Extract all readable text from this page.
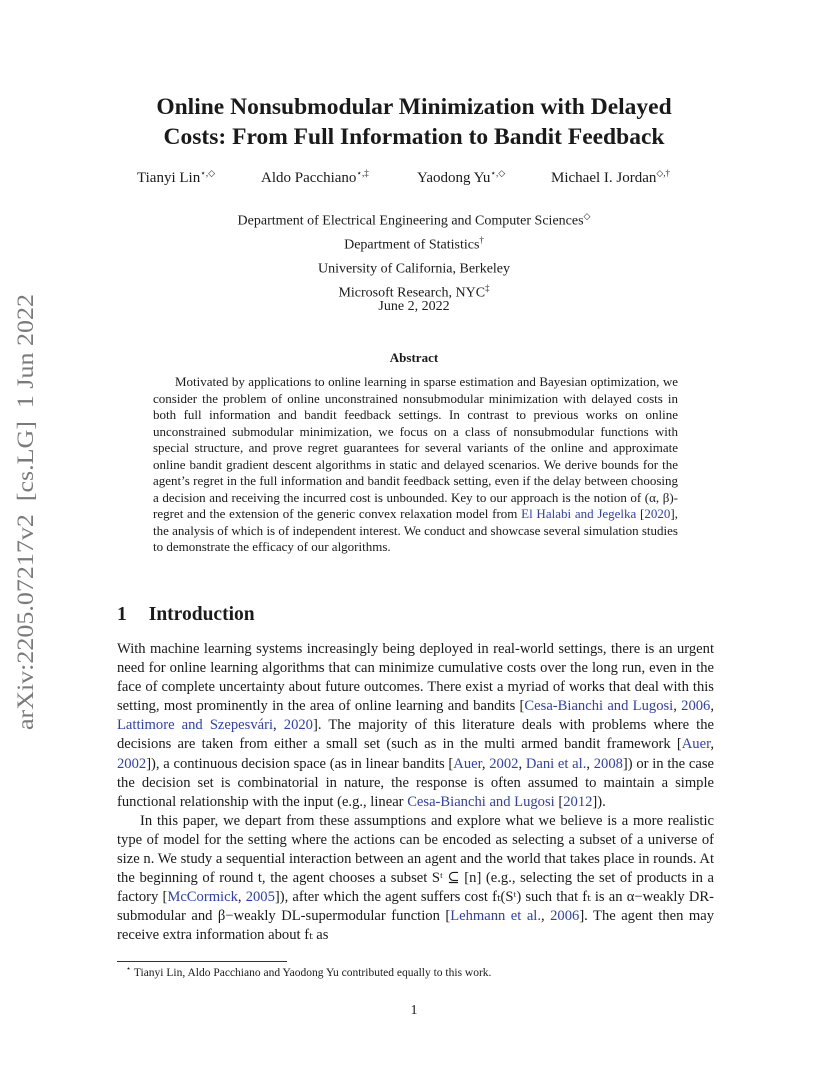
Online Nonsubmodular Minimization with Delayed
Costs: From Full Information to Bandit Feedback
Tianyi Lin⋆,◇	Aldo Pacchiano⋆,‡	Yaodong Yu⋆,◇	Michael I. Jordan◇,†
Department of Electrical Engineering and Computer Sciences◇
Department of Statistics†
University of California, Berkeley
Microsoft Research, NYC‡
June 2, 2022
arXiv:2205.07217v2  [cs.LG]  1 Jun 2022	Abstract
Motivated by applications to online learning in sparse estimation and Bayesian optimization, we consider the problem of online unconstrained nonsubmodular minimization with delayed costs in both full information and bandit feedback settings. In contrast to previous works on online unconstrained submodular minimization, we focus on a class of nonsubmodular functions with special structure, and prove regret guarantees for several variants of the online and approximate online bandit gradient descent algorithms in static and delayed scenarios. We derive bounds for the agent’s regret in the full information and bandit feedback setting, even if the delay between choosing a decision and receiving the incurred cost is unbounded. Key to our approach is the notion of (α, β)-regret and the extension of the generic convex relaxation model from El Halabi and Jegelka [2020], the analysis of which is of independent interest. We conduct and showcase several simulation studies to demonstrate the efficacy of our algorithms.
1 Introduction

With machine learning systems increasingly being deployed in real-world settings, there is an urgent need for online learning algorithms that can minimize cumulative costs over the long run, even in the face of complete uncertainty about future outcomes. There exist a myriad of works that deal with this setting, most prominently in the area of online learning and bandits [Cesa-Bianchi and Lugosi, 2006, Lattimore and Szepesvári, 2020]. The majority of this literature deals with problems where the decisions are taken from either a small set (such as in the multi armed bandit framework [Auer, 2002]), a continuous decision space (as in linear bandits [Auer, 2002, Dani et al., 2008]) or in the case the decision set is combinatorial in nature, the response is often assumed to maintain a simple functional relationship with the input (e.g., linear Cesa-Bianchi and Lugosi [2012]).

In this paper, we depart from these assumptions and explore what we believe is a more realistic type of model for the setting where the actions can be encoded as selecting a subset of a universe of size n. We study a sequential interaction between an agent and the world that takes place in rounds. At the beginning of round t, the agent chooses a subset Sᵗ ⊆ [n] (e.g., selecting the set of products in a factory [McCormick, 2005]), after which the agent suffers cost fₜ(Sᵗ) such that fₜ is an α−weakly DR-submodular and β−weakly DL-supermodular function [Lehmann et al., 2006]. The agent then may receive extra information about fₜ as

⋆ Tianyi Lin, Aldo Pacchiano and Yaodong Yu contributed equally to this work.
1
